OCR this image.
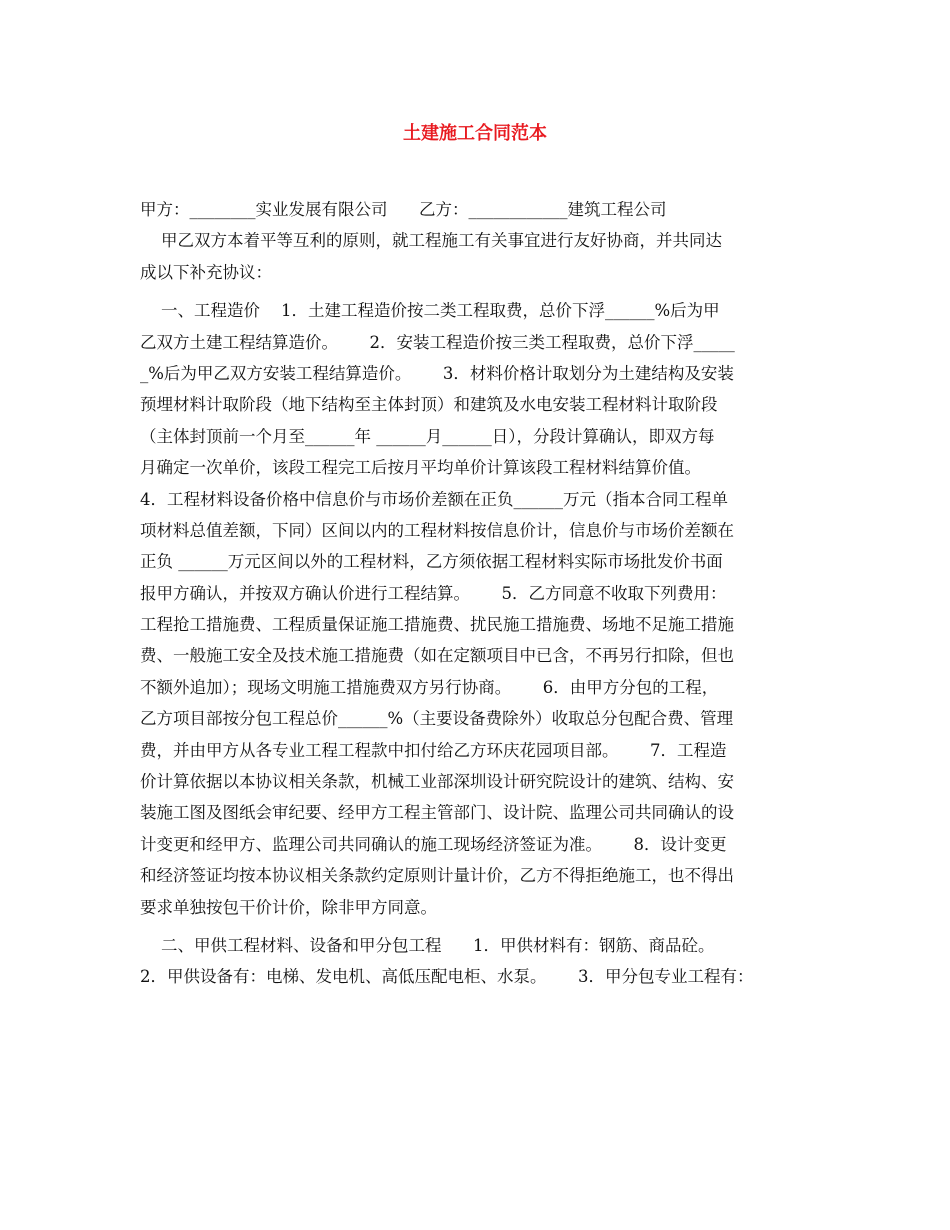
土建施工合同范本
甲方：________实业发展有限公司      乙方：____________建筑工程公司
甲乙双方本着平等互利的原则，就工程施工有关事宜进行友好协商，并共同达
成以下补充协议：
一、工程造价    1．土建工程造价按二类工程取费，总价下浮______%后为甲
乙双方土建工程结算造价。      2．安装工程造价按三类工程取费，总价下浮_____
_%后为甲乙双方安装工程结算造价。      3．材料价格计取划分为土建结构及安装
预埋材料计取阶段（地下结构至主体封顶）和建筑及水电安装工程材料计取阶段
（主体封顶前一个月至______年 ______月______日），分段计算确认，即双方每
月确定一次单价，该段工程完工后按月平均单价计算该段工程材料结算价值。
4．工程材料设备价格中信息价与市场价差额在正负______万元（指本合同工程单
项材料总值差额，下同）区间以内的工程材料按信息价计，信息价与市场价差额在
正负 ______万元区间以外的工程材料，乙方须依据工程材料实际市场批发价书面
报甲方确认，并按双方确认价进行工程结算。      5．乙方同意不收取下列费用：
工程抢工措施费、工程质量保证施工措施费、扰民施工措施费、场地不足施工措施
费、一般施工安全及技术施工措施费（如在定额项目中已含，不再另行扣除，但也
不额外追加）；现场文明施工措施费双方另行协商。      6．由甲方分包的工程，
乙方项目部按分包工程总价______%（主要设备费除外）收取总分包配合费、管理
费，并由甲方从各专业工程工程款中扣付给乙方环庆花园项目部。      7．工程造
价计算依据以本协议相关条款，机械工业部深圳设计研究院设计的建筑、结构、安
装施工图及图纸会审纪要、经甲方工程主管部门、设计院、监理公司共同确认的设
计变更和经甲方、监理公司共同确认的施工现场经济签证为准。      8．设计变更
和经济签证均按本协议相关条款约定原则计量计价，乙方不得拒绝施工，也不得出
要求单独按包干价计价，除非甲方同意。
二、甲供工程材料、设备和甲分包工程      1．甲供材料有：钢筋、商品砼。
2．甲供设备有：电梯、发电机、高低压配电柜、水泵。      3．甲分包专业工程有：
